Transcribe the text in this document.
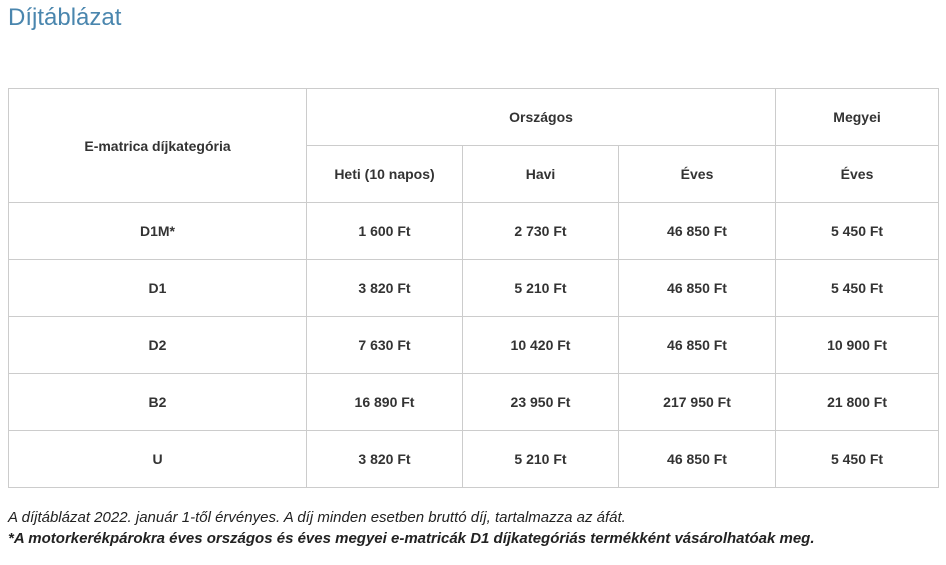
Díjtáblázat
E-matrica díjkategória	Országos			Megyei
	Heti (10 napos)	Havi	Éves	Éves
D1M*	1 600 Ft	2 730 Ft	46 850 Ft	5 450 Ft
D1	3 820 Ft	5 210 Ft	46 850 Ft	5 450 Ft
D2	7 630 Ft	10 420 Ft	46 850 Ft	10 900 Ft
B2	16 890 Ft	23 950 Ft	217 950 Ft	21 800 Ft
U	3 820 Ft	5 210 Ft	46 850 Ft	5 450 Ft

A díjtáblázat 2022. január 1-től érvényes. A díj minden esetben bruttó díj, tartalmazza az áfát.

*A motorkerékpárokra éves országos és éves megyei e-matricák D1 díjkategóriás termékként vásárolhatóak meg.
